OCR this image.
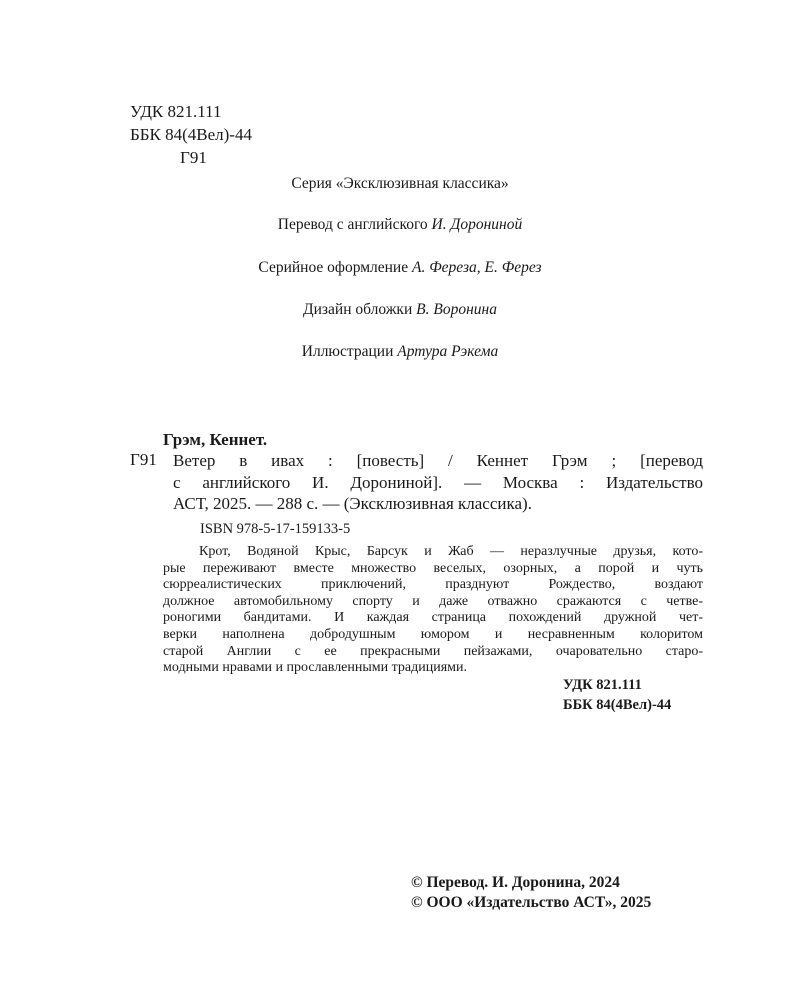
УДК 821.111
ББК 84(4Вел)-44
Г91
Серия «Эксклюзивная классика»
Перевод с английского И. Дорониной
Серийное оформление А. Фереза, Е. Ферез
Дизайн обложки В. Воронина
Иллюстрации Артура Рэкема
Грэм, Кеннет.
Г91 Ветер в ивах : [повесть] / Кеннет Грэм ; [перевод
с английского И. Дорониной]. — Москва : Издательство
АСТ, 2025. — 288 с. — (Эксклюзивная классика).
ISBN 978-5-17-159133-5
Крот, Водяной Крыс, Барсук и Жаб — неразлучные друзья, кото-
рые переживают вместе множество веселых, озорных, а порой и чуть
сюрреалистических приключений, празднуют Рождество, воздают
должное автомобильному спорту и даже отважно сражаются с четве-
роногими бандитами. И каждая страница похождений дружной чет-
верки наполнена добродушным юмором и несравненным колоритом
старой Англии с ее прекрасными пейзажами, очаровательно старо-
модными нравами и прославленными традициями.
УДК 821.111
ББК 84(4Вел)-44
© Перевод. И. Доронина, 2024
© ООО «Издательство АСТ», 2025
